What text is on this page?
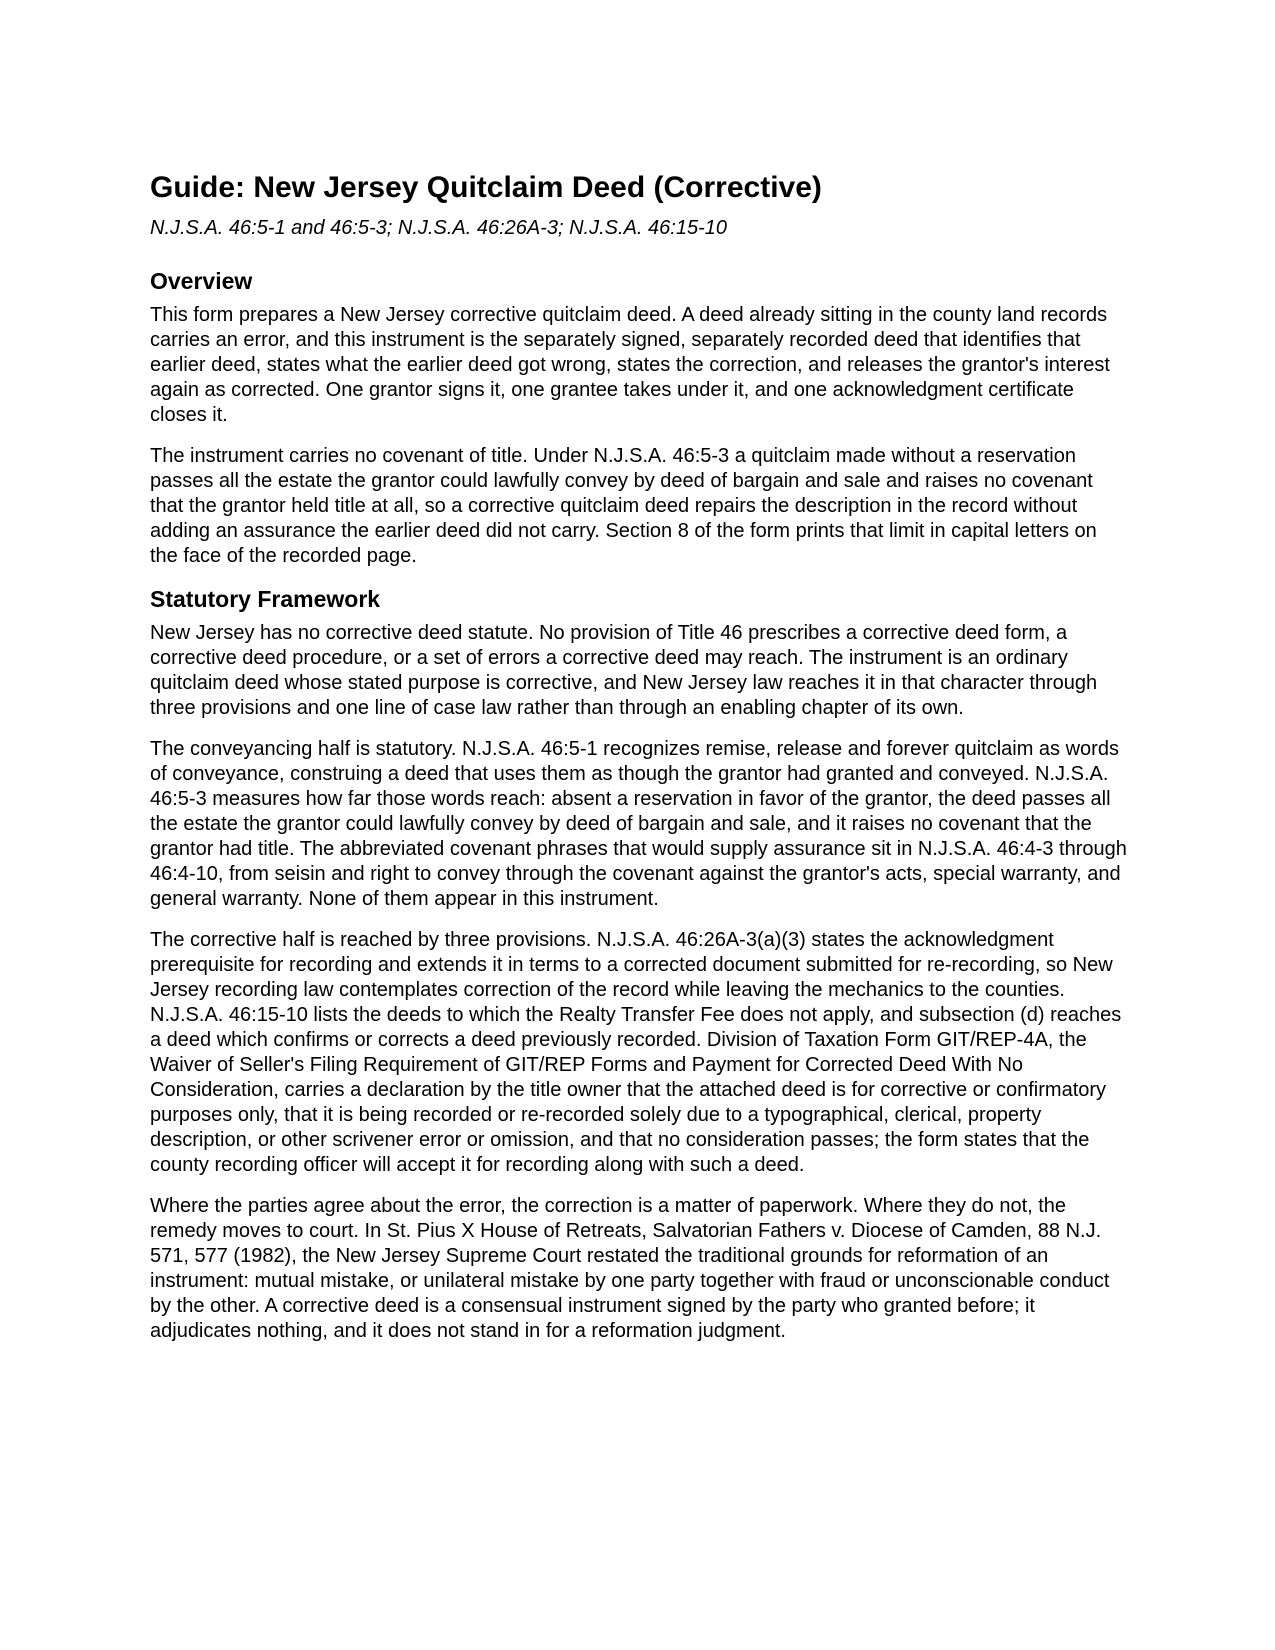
Guide: New Jersey Quitclaim Deed (Corrective)
N.J.S.A. 46:5-1 and 46:5-3; N.J.S.A. 46:26A-3; N.J.S.A. 46:15-10
Overview

This form prepares a New Jersey corrective quitclaim deed. A deed already sitting in the county land records carries an error, and this instrument is the separately signed, separately recorded deed that identifies that earlier deed, states what the earlier deed got wrong, states the correction, and releases the grantor's interest again as corrected. One grantor signs it, one grantee takes under it, and one acknowledgment certificate closes it.

The instrument carries no covenant of title. Under N.J.S.A. 46:5-3 a quitclaim made without a reservation passes all the estate the grantor could lawfully convey by deed of bargain and sale and raises no covenant that the grantor held title at all, so a corrective quitclaim deed repairs the description in the record without adding an assurance the earlier deed did not carry. Section 8 of the form prints that limit in capital letters on the face of the recorded page.

Statutory Framework

New Jersey has no corrective deed statute. No provision of Title 46 prescribes a corrective deed form, a corrective deed procedure, or a set of errors a corrective deed may reach. The instrument is an ordinary quitclaim deed whose stated purpose is corrective, and New Jersey law reaches it in that character through three provisions and one line of case law rather than through an enabling chapter of its own.

The conveyancing half is statutory. N.J.S.A. 46:5-1 recognizes remise, release and forever quitclaim as words of conveyance, construing a deed that uses them as though the grantor had granted and conveyed. N.J.S.A. 46:5-3 measures how far those words reach: absent a reservation in favor of the grantor, the deed passes all the estate the grantor could lawfully convey by deed of bargain and sale, and it raises no covenant that the grantor had title. The abbreviated covenant phrases that would supply assurance sit in N.J.S.A. 46:4-3 through 46:4-10, from seisin and right to convey through the covenant against the grantor's acts, special warranty, and general warranty. None of them appear in this instrument.

The corrective half is reached by three provisions. N.J.S.A. 46:26A-3(a)(3) states the acknowledgment prerequisite for recording and extends it in terms to a corrected document submitted for re-recording, so New Jersey recording law contemplates correction of the record while leaving the mechanics to the counties. N.J.S.A. 46:15-10 lists the deeds to which the Realty Transfer Fee does not apply, and subsection (d) reaches a deed which confirms or corrects a deed previously recorded. Division of Taxation Form GIT/REP-4A, the Waiver of Seller's Filing Requirement of GIT/REP Forms and Payment for Corrected Deed With No Consideration, carries a declaration by the title owner that the attached deed is for corrective or confirmatory purposes only, that it is being recorded or re-recorded solely due to a typographical, clerical, property description, or other scrivener error or omission, and that no consideration passes; the form states that the county recording officer will accept it for recording along with such a deed.

Where the parties agree about the error, the correction is a matter of paperwork. Where they do not, the remedy moves to court. In St. Pius X House of Retreats, Salvatorian Fathers v. Diocese of Camden, 88 N.J. 571, 577 (1982), the New Jersey Supreme Court restated the traditional grounds for reformation of an instrument: mutual mistake, or unilateral mistake by one party together with fraud or unconscionable conduct by the other. A corrective deed is a consensual instrument signed by the party who granted before; it adjudicates nothing, and it does not stand in for a reformation judgment.
